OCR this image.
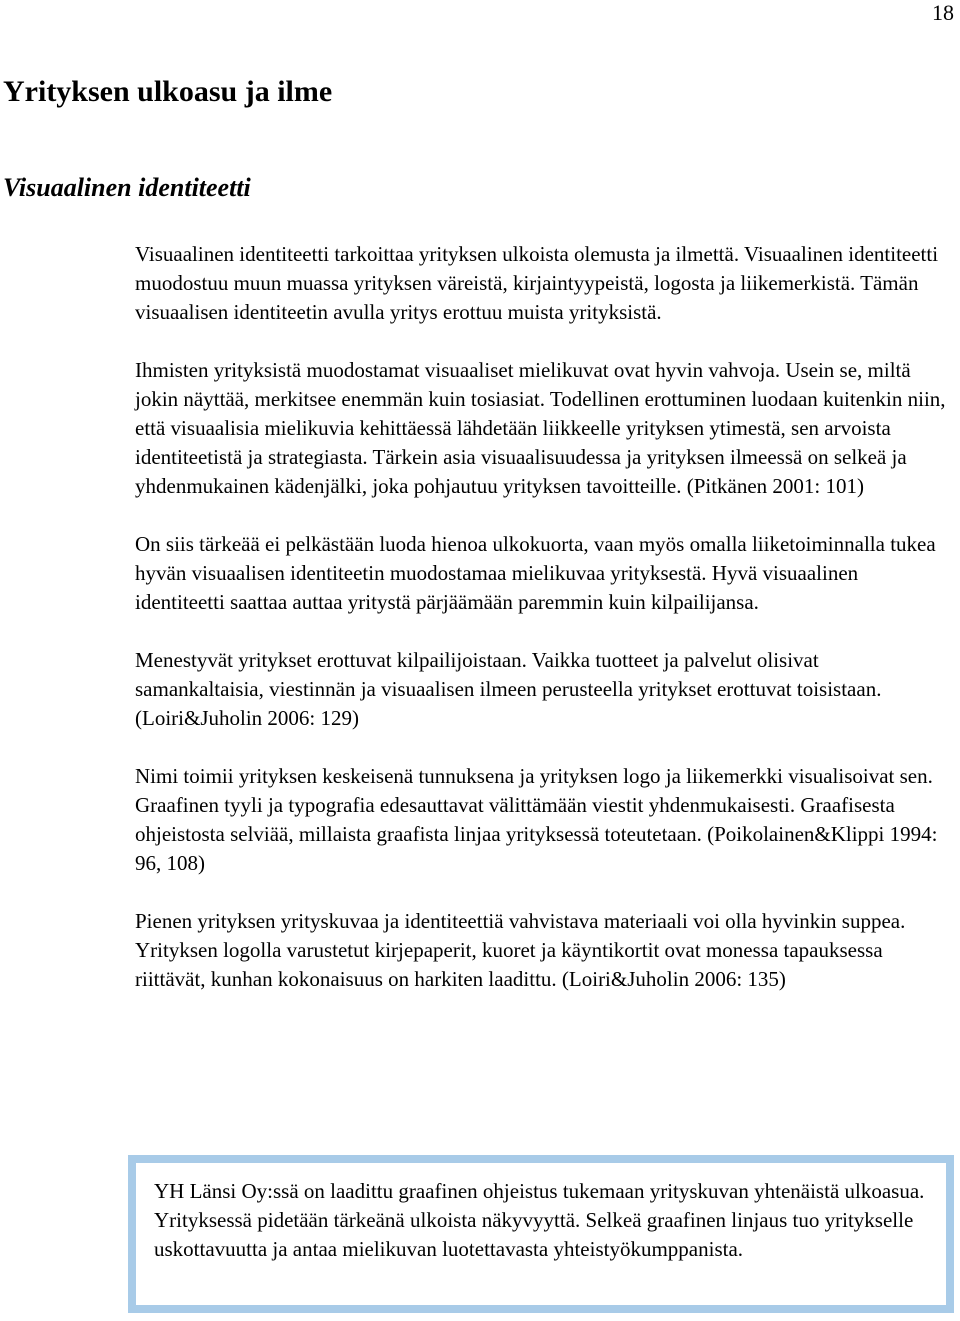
18
Yrityksen ulkoasu ja ilme
Visuaalinen identiteetti

Visuaalinen identiteetti tarkoittaa yrityksen ulkoista olemusta ja ilmettä. Visuaalinen identiteetti muodostuu muun muassa yrityksen väreistä, kirjaintyypeistä, logosta ja liikemerkistä. Tämän visuaalisen identiteetin avulla yritys erottuu muista yrityksistä.

Ihmisten yrityksistä muodostamat visuaaliset mielikuvat ovat hyvin vahvoja. Usein se, miltä jokin näyttää, merkitsee enemmän kuin tosiasiat. Todellinen erottuminen luodaan kuitenkin niin, että visuaalisia mielikuvia kehittäessä lähdetään liikkeelle yrityksen ytimestä, sen arvoista identiteetistä ja strategiasta. Tärkein asia visuaalisuudessa ja yrityksen ilmeessä on selkeä ja yhdenmukainen kädenjälki, joka pohjautuu yrityksen tavoitteille. (Pitkänen 2001: 101)

On siis tärkeää ei pelkästään luoda hienoa ulkokuorta, vaan myös omalla liiketoiminnalla tukea hyvän visuaalisen identiteetin muodostamaa mielikuvaa yrityksestä. Hyvä visuaalinen identiteetti saattaa auttaa yritystä pärjäämään paremmin kuin kilpailijansa.

Menestyvät yritykset erottuvat kilpailijoistaan. Vaikka tuotteet ja palvelut olisivat samankaltaisia, viestinnän ja visuaalisen ilmeen perusteella yritykset erottuvat toisistaan. (Loiri&Juholin 2006: 129)

Nimi toimii yrityksen keskeisenä tunnuksena ja yrityksen logo ja liikemerkki visualisoivat sen. Graafinen tyyli ja typografia edesauttavat välittämään viestit yhdenmukaisesti. Graafisesta ohjeistosta selviää, millaista graafista linjaa yrityksessä toteutetaan. (Poikolainen&Klippi 1994: 96, 108)

Pienen yrityksen yrityskuvaa ja identiteettiä vahvistava materiaali voi olla hyvinkin suppea. Yrityksen logolla varustetut kirjepaperit, kuoret ja käyntikortit ovat monessa tapauksessa riittävät, kunhan kokonaisuus on harkiten laadittu. (Loiri&Juholin 2006: 135)

YH Länsi Oy:ssä on laadittu graafinen ohjeistus tukemaan yrityskuvan yhtenäistä ulkoasua. Yrityksessä pidetään tärkeänä ulkoista näkyvyyttä. Selkeä graafinen linjaus tuo yritykselle uskottavuutta ja antaa mielikuvan luotettavasta yhteistyökumppanista.
